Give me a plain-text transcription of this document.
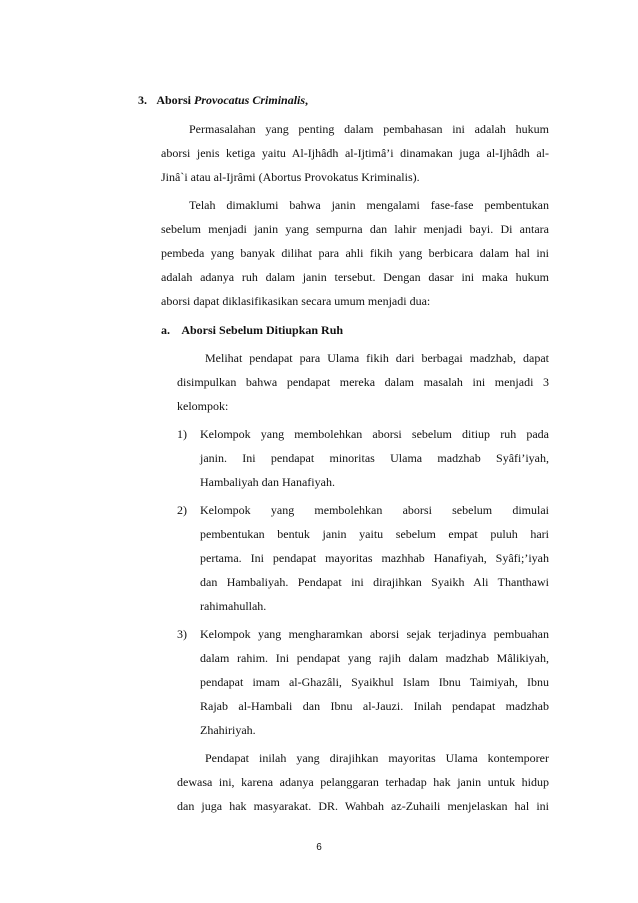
3. Aborsi Provocatus Criminalis,
Permasalahan yang penting dalam pembahasan ini adalah hukum
aborsi jenis ketiga yaitu Al-Ijhâdh al-Ijtimâ’i dinamakan juga al-Ijhâdh al-
Jinâ`i atau al-Ijrâmi (Abortus Provokatus Kriminalis).
Telah dimaklumi bahwa janin mengalami fase-fase pembentukan
sebelum menjadi janin yang sempurna dan lahir menjadi bayi. Di antara
pembeda yang banyak dilihat para ahli fikih yang berbicara dalam hal ini
adalah adanya ruh dalam janin tersebut. Dengan dasar ini maka hukum
aborsi dapat diklasifikasikan secara umum menjadi dua:
a. Aborsi Sebelum Ditiupkan Ruh
Melihat pendapat para Ulama fikih dari berbagai madzhab, dapat
disimpulkan bahwa pendapat mereka dalam masalah ini menjadi 3
kelompok:
1) Kelompok yang membolehkan aborsi sebelum ditiup ruh pada
janin. Ini pendapat minoritas Ulama madzhab Syâfi’iyah,
Hambaliyah dan Hanafiyah.
2) Kelompok yang membolehkan aborsi sebelum dimulai
pembentukan bentuk janin yaitu sebelum empat puluh hari
pertama. Ini pendapat mayoritas mazhhab Hanafiyah, Syâfi;’iyah
dan Hambaliyah. Pendapat ini dirajihkan Syaikh Ali Thanthawi
rahimahullah.
3) Kelompok yang mengharamkan aborsi sejak terjadinya pembuahan
dalam rahim. Ini pendapat yang rajih dalam madzhab Mâlikiyah,
pendapat imam al-Ghazâli, Syaikhul Islam Ibnu Taimiyah, Ibnu
Rajab al-Hambali dan Ibnu al-Jauzi. Inilah pendapat madzhab
Zhahiriyah.
Pendapat inilah yang dirajihkan mayoritas Ulama kontemporer
dewasa ini, karena adanya pelanggaran terhadap hak janin untuk hidup
dan juga hak masyarakat. DR. Wahbah az-Zuhaili menjelaskan hal ini
6
